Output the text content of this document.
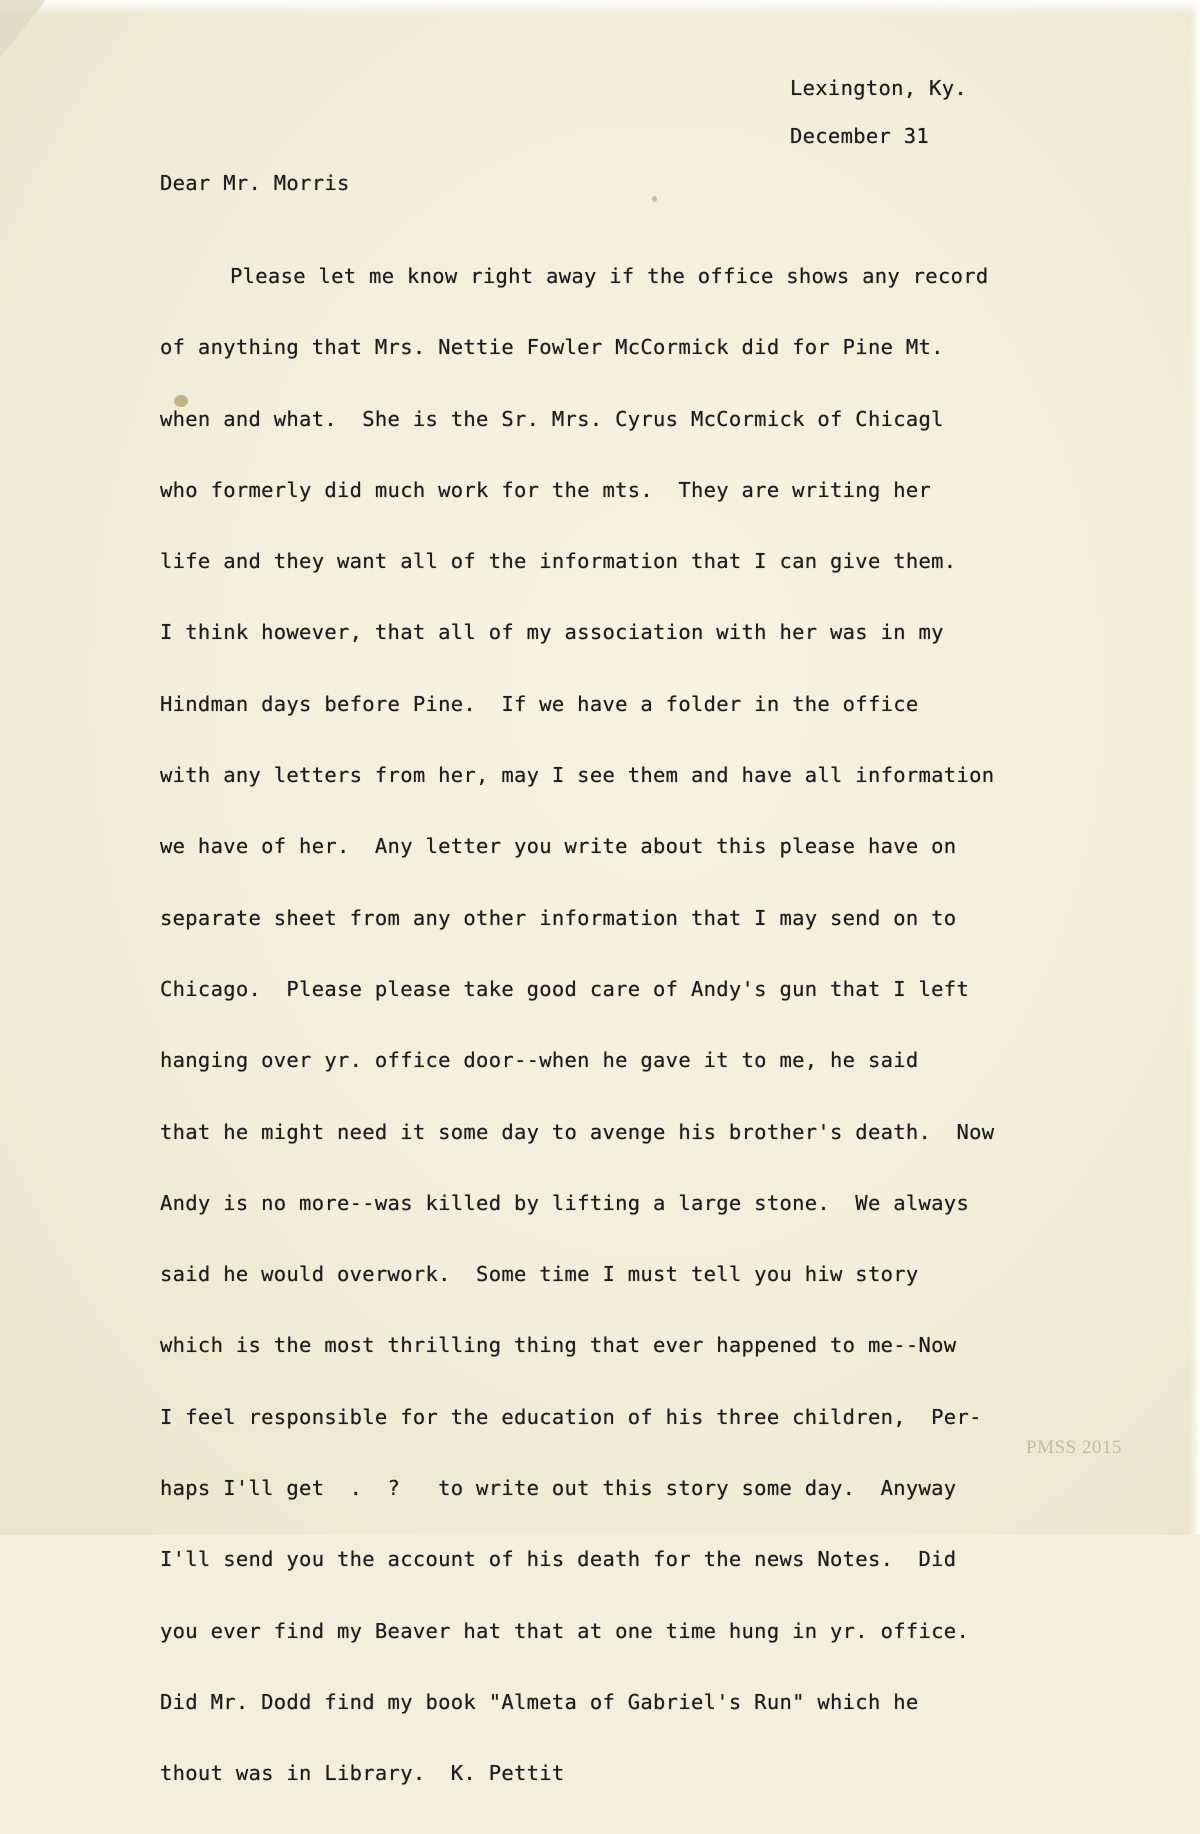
Lexington, Ky.
December 31
Dear Mr. Morris

Please let me know right away if the office shows any record

of anything that Mrs. Nettie Fowler McCormick did for Pine Mt.

when and what.  She is the Sr. Mrs. Cyrus McCormick of Chicagl

who formerly did much work for the mts.  They are writing her

life and they want all of the information that I can give them.

I think however, that all of my association with her was in my

Hindman days before Pine.  If we have a folder in the office

with any letters from her, may I see them and have all information

we have of her.  Any letter you write about this please have on

separate sheet from any other information that I may send on to

Chicago.  Please please take good care of Andy's gun that I left

hanging over yr. office door--when he gave it to me, he said

that he might need it some day to avenge his brother's death.  Now

Andy is no more--was killed by lifting a large stone.  We always

said he would overwork.  Some time I must tell you hiw story

which is the most thrilling thing that ever happened to me--Now

I feel responsible for the education of his three children,  Per-

haps I'll get  .  ?   to write out this story some day.  Anyway

I'll send you the account of his death for the news Notes.  Did

you ever find my Beaver hat that at one time hung in yr. office.

Did Mr. Dodd find my book "Almeta of Gabriel's Run" which he

thout was in Library.  K. Pettit

PMSS 2015
